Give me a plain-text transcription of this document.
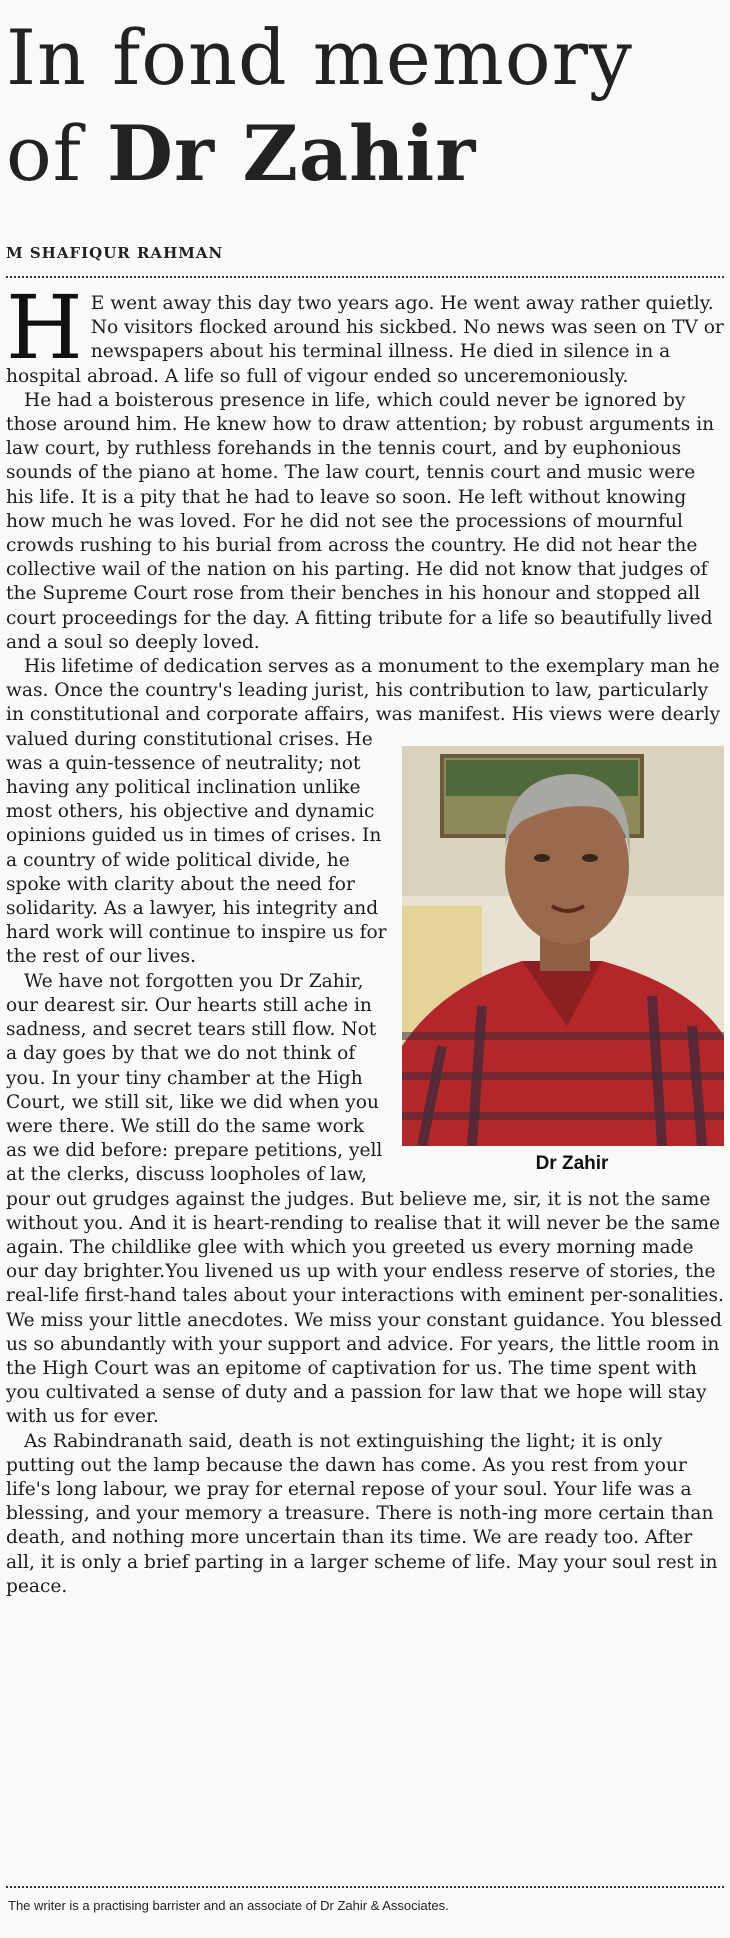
In fond memory
of Dr Zahir
M SHAFIQUR RAHMAN

H E went away this day two years ago. He went away rather quietly. No visitors flocked around his sickbed. No news was seen on TV or newspapers about his terminal illness. He died in silence in a hospital abroad. A life so full of vigour ended so unceremoniously.

He had a boisterous presence in life, which could never be ignored by those around him. He knew how to draw attention; by robust arguments in law court, by ruthless forehands in the tennis court, and by euphonious sounds of the piano at home. The law court, tennis court and music were his life. It is a pity that he had to leave so soon. He left without knowing how much he was loved. For he did not see the processions of mournful crowds rushing to his burial from across the country. He did not hear the collective wail of the nation on his parting. He did not know that judges of the Supreme Court rose from their benches in his honour and stopped all court proceedings for the day. A fitting tribute for a life so beautifully lived and a soul so deeply loved.

His lifetime of dedication serves as a monument to the exemplary man he was. Once the country's leading jurist, his contribution to law, particularly in constitutional and corporate affairs, was manifest.
Dr Zahir
His views were dearly valued during constitutional crises. He was a quin-tessence of neutrality; not having any political inclination unlike most others, his objective and dynamic opinions guided us in times of crises. In a country of wide political divide, he spoke with clarity about the need for solidarity. As a lawyer, his integrity and hard work will continue to inspire us for the rest of our lives.

We have not forgotten you Dr Zahir, our dearest sir. Our hearts still ache in sadness, and secret tears still flow. Not a day goes by that we do not think of you. In your tiny chamber at the High Court, we still sit, like we did when you were there. We still do the same work as we did before: prepare petitions, yell at the clerks, discuss loopholes of law, pour out grudges against the judges. But believe me, sir, it is not the same without you. And it is heart-rending to realise that it will never be the same again. The childlike glee with which you greeted us every morning made our day brighter.You livened us up with your endless reserve of stories, the real-life first-hand tales about your interactions with eminent per-sonalities. We miss your little anecdotes. We miss your constant guidance. You blessed us so abundantly with your support and advice. For years, the little room in the High Court was an epitome of captivation for us. The time spent with you cultivated a sense of duty and a passion for law that we hope will stay with us for ever.

As Rabindranath said, death is not extinguishing the light; it is only putting out the lamp because the dawn has come. As you rest from your life's long labour, we pray for eternal repose of your soul. Your life was a blessing, and your memory a treasure. There is noth-ing more certain than death, and nothing more uncertain than its time. We are ready too. After all, it is only a brief parting in a larger scheme of life. May your soul rest in peace.

The writer is a practising barrister and an associate of Dr Zahir & Associates.
